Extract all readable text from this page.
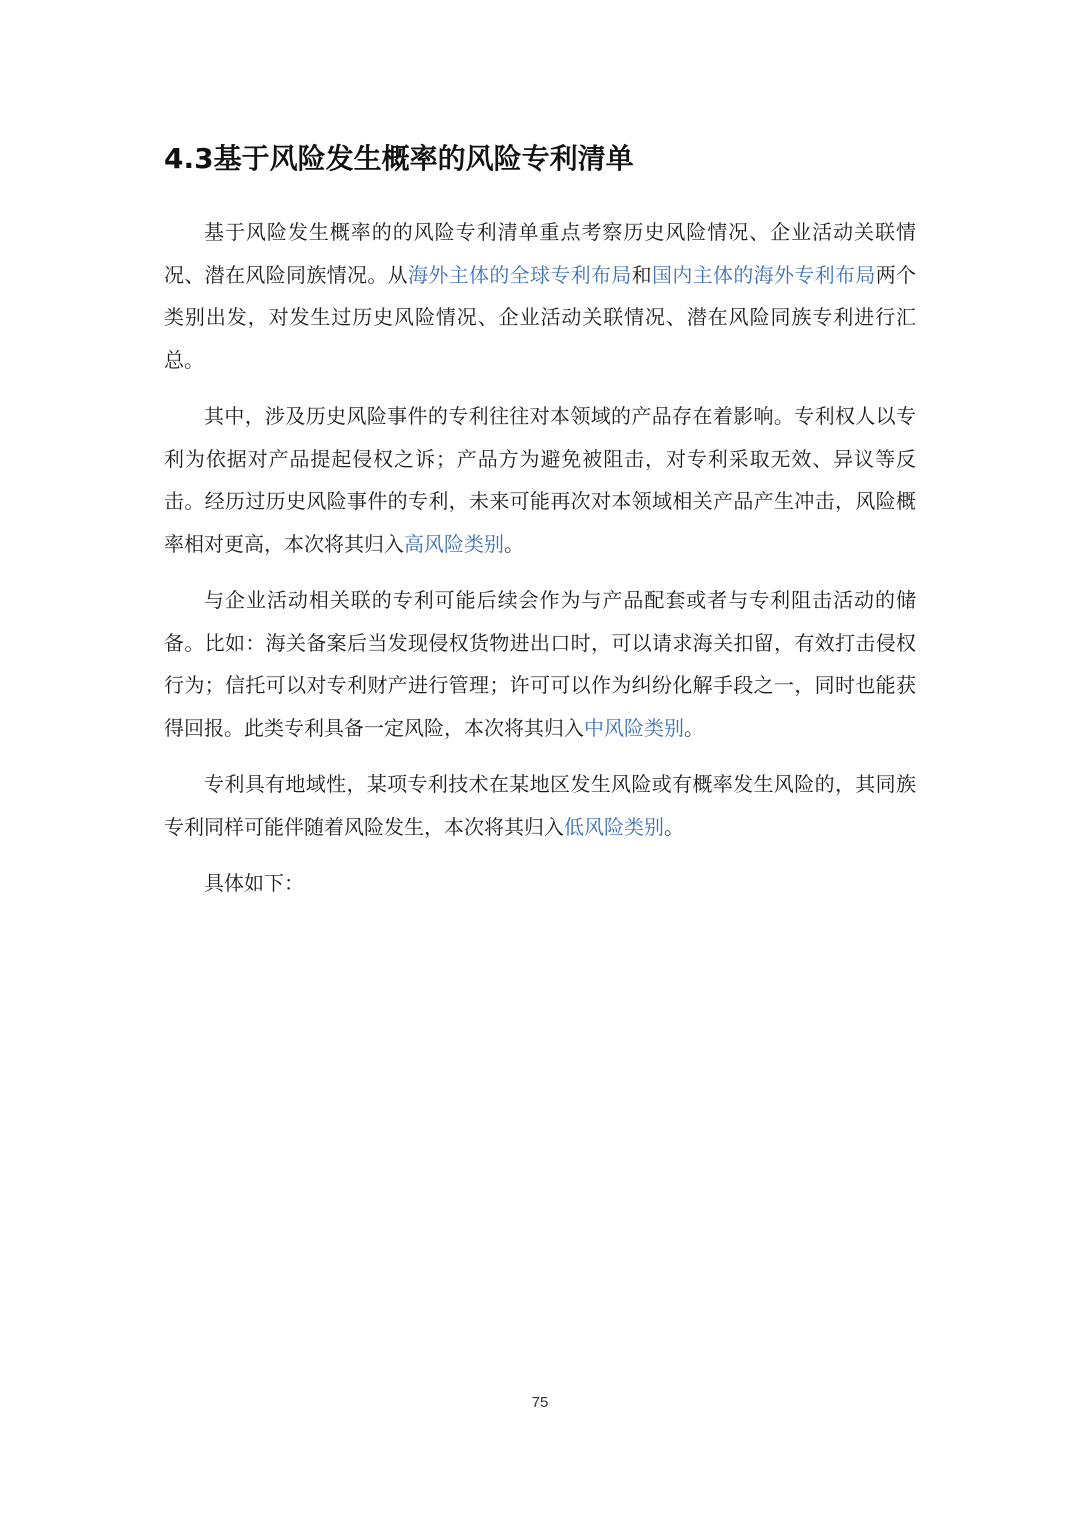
4.3基于风险发生概率的风险专利清单

基于风险发生概率的的风险专利清单重点考察历史风险情况、企业活动关联情况、潜在风险同族情况。从海外主体的全球专利布局和国内主体的海外专利布局两个类别出发，对发生过历史风险情况、企业活动关联情况、潜在风险同族专利进行汇总。

其中，涉及历史风险事件的专利往往对本领域的产品存在着影响。专利权人以专利为依据对产品提起侵权之诉；产品方为避免被阻击，对专利采取无效、异议等反击。经历过历史风险事件的专利，未来可能再次对本领域相关产品产生冲击，风险概率相对更高，本次将其归入高风险类别。

与企业活动相关联的专利可能后续会作为与产品配套或者与专利阻击活动的储备。比如：海关备案后当发现侵权货物进出口时，可以请求海关扣留，有效打击侵权行为；信托可以对专利财产进行管理；许可可以作为纠纷化解手段之一，同时也能获得回报。此类专利具备一定风险，本次将其归入中风险类别。

专利具有地域性，某项专利技术在某地区发生风险或有概率发生风险的，其同族专利同样可能伴随着风险发生，本次将其归入低风险类别。

具体如下：

75
